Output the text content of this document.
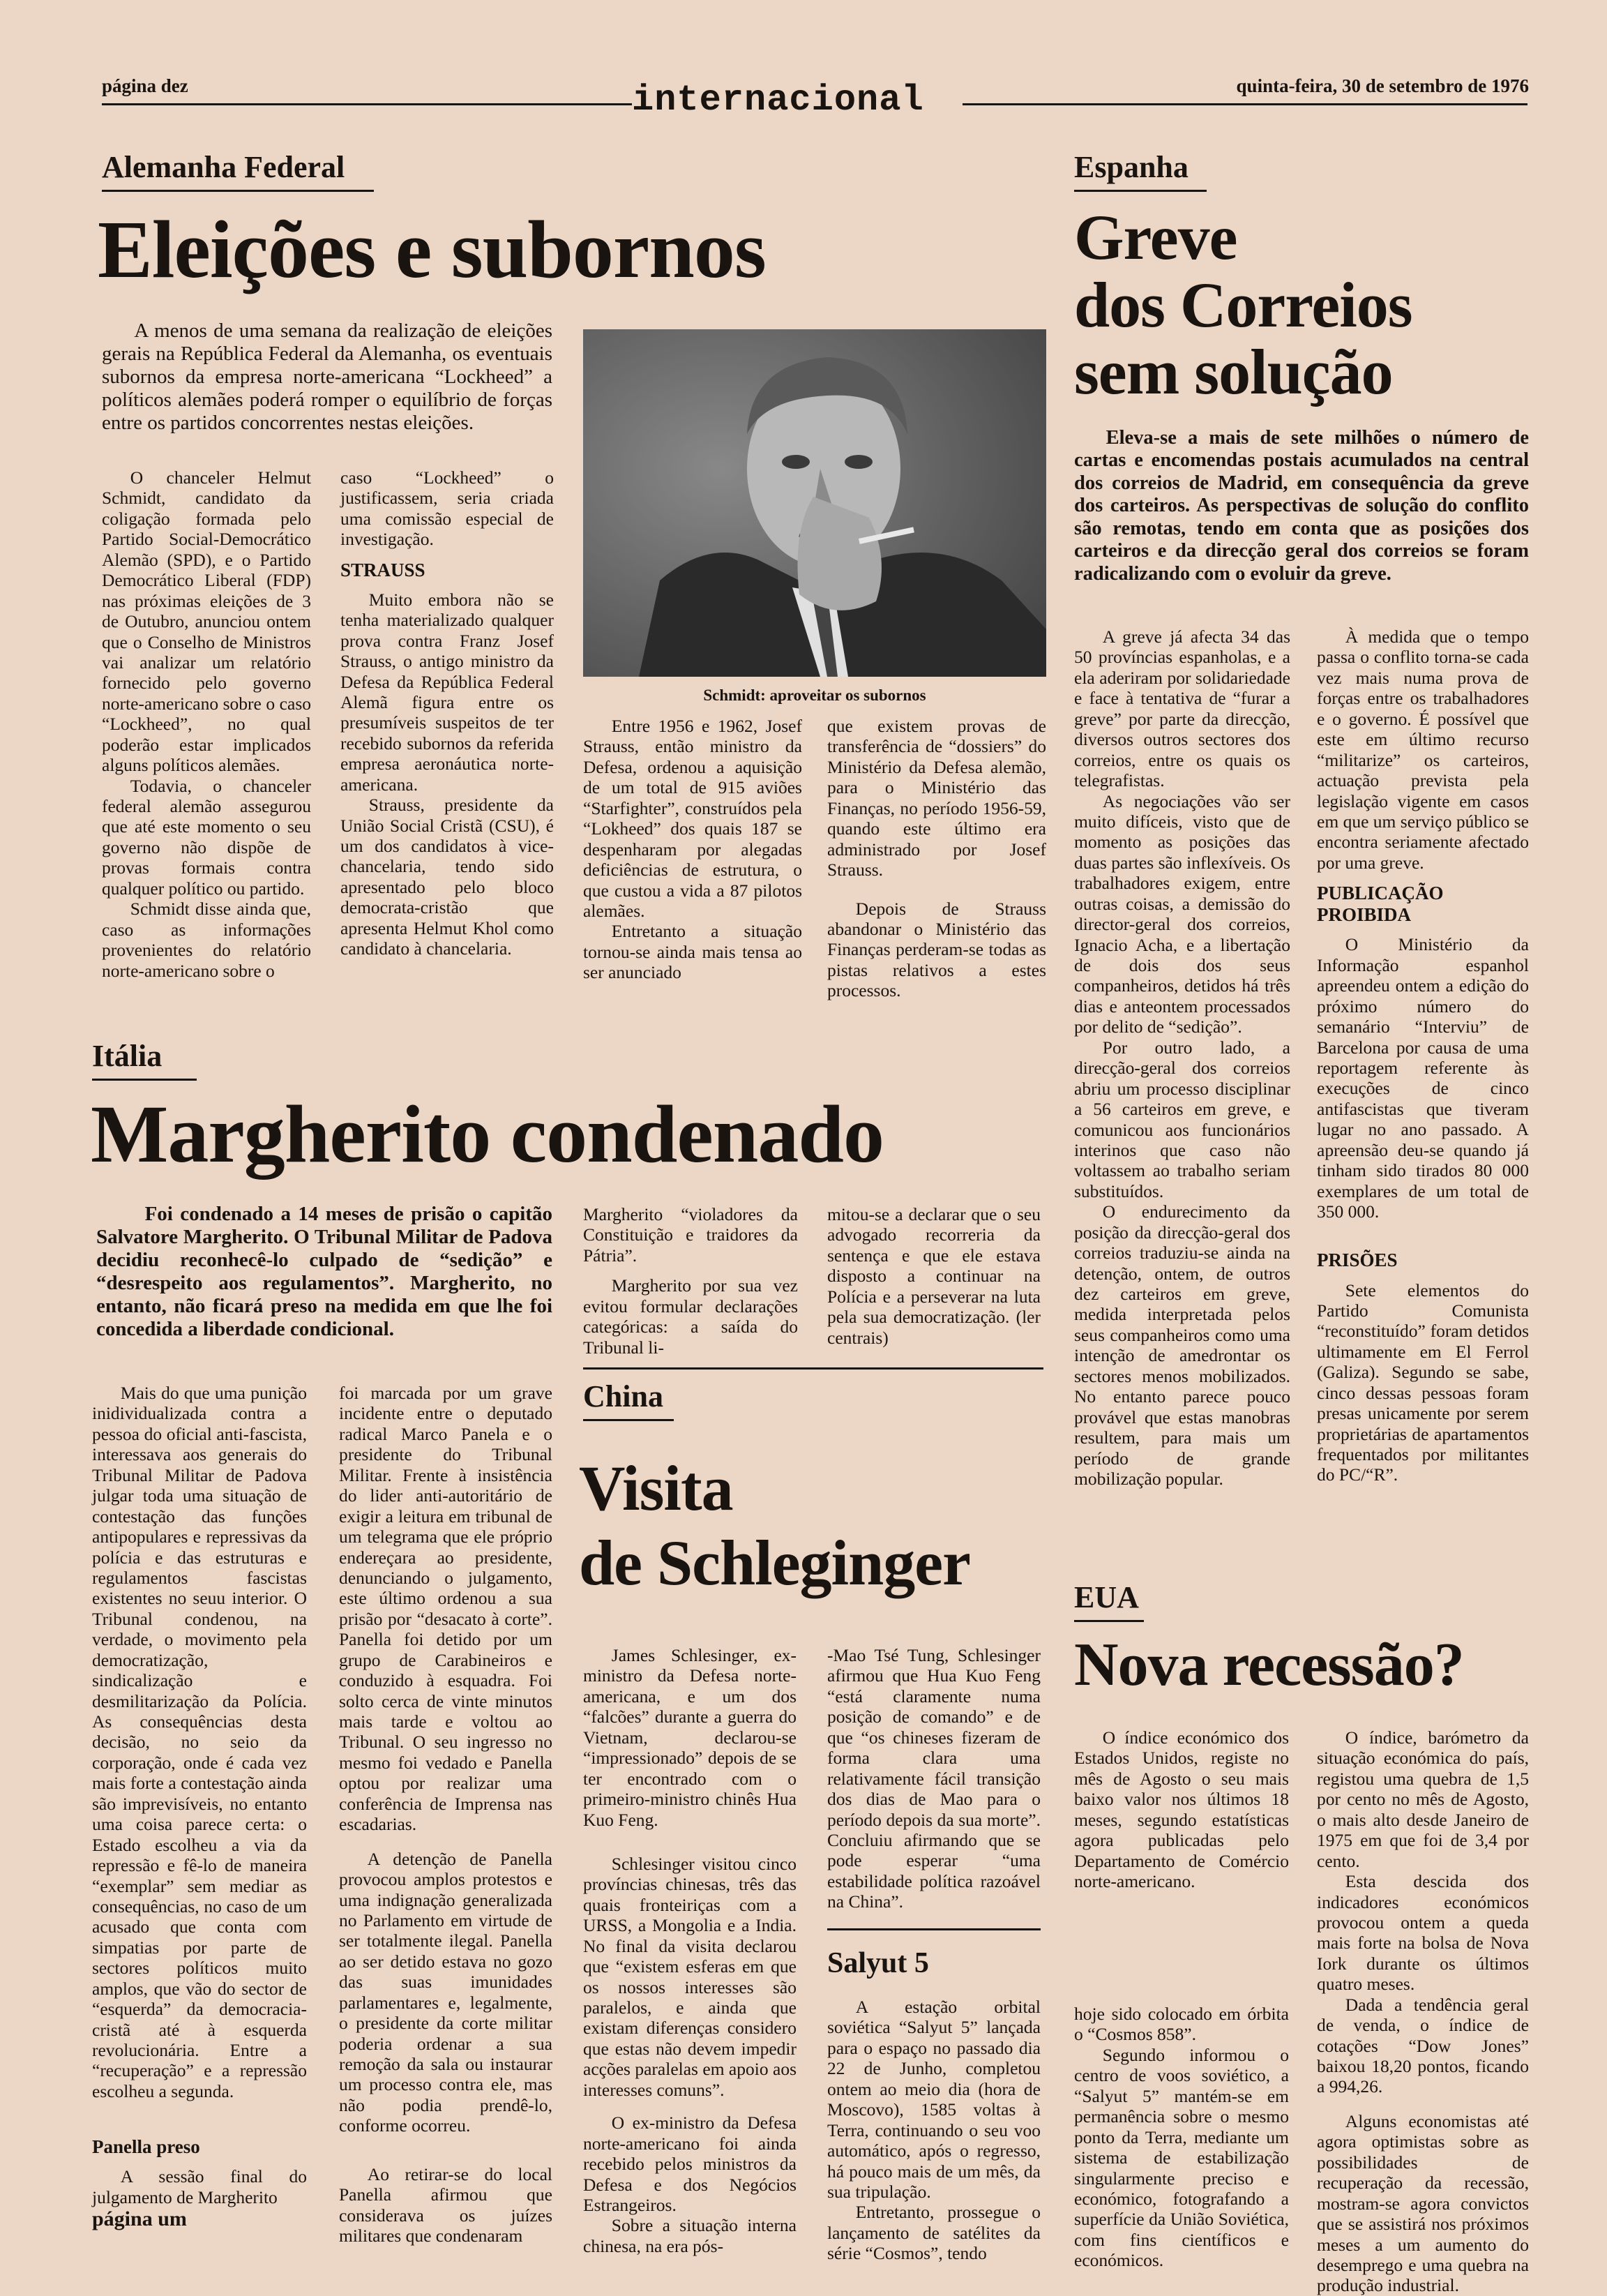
página dez	internacional	quinta-feira, 30 de setembro de 1976
Alemanha Federal
Eleições e subornos
A menos de uma semana da realização de eleições gerais na República Federal da Alemanha, os eventuais subornos da empresa norte-americana “Lockheed” a políticos alemães poderá romper o equilíbrio de forças entre os partidos concorrentes nestas eleições.

O chanceler Helmut Schmidt, candidato da coligação formada pelo Partido Social-Democrático Alemão (SPD), e o Partido Democrático Liberal (FDP) nas próximas eleições de 3 de Outubro, anunciou ontem que o Conselho de Ministros vai analizar um relatório fornecido pelo governo norte-americano sobre o caso “Lockheed”, no qual poderão estar implicados alguns políticos alemães.

Todavia, o chanceler federal alemão assegurou que até este momento o seu governo não dispõe de provas formais contra qualquer político ou partido.

Schmidt disse ainda que, caso as informações provenientes do relatório norte-americano sobre o

caso “Lockheed” o justificassem, seria criada uma comissão especial de investigação.

STRAUSS

Muito embora não se tenha materializado qualquer prova contra Franz Josef Strauss, o antigo ministro da Defesa da República Federal Alemã figura entre os presumíveis suspeitos de ter recebido subornos da referida empresa aeronáutica norte-americana.

Strauss, presidente da União Social Cristã (CSU), é um dos candidatos à vice-chancelaria, tendo sido apresentado pelo bloco democrata-cristão que apresenta Helmut Khol como candidato à chancelaria.

Schmidt: aproveitar os subornos

Entre 1956 e 1962, Josef Strauss, então ministro da Defesa, ordenou a aquisição de um total de 915 aviões “Starfighter”, construídos pela “Lokheed” dos quais 187 se despenharam por alegadas deficiências de estrutura, o que custou a vida a 87 pilotos alemães.

Entretanto a situação tornou-se ainda mais tensa ao ser anunciado

que existem provas de transferência de “dossiers” do Ministério da Defesa alemão, para o Ministério das Finanças, no período 1956-59, quando este último era administrado por Josef Strauss.

Depois de Strauss abandonar o Ministério das Finanças perderam-se todas as pistas relativos a estes processos.

Espanha
Greve
dos Correios
sem solução
Eleva-se a mais de sete milhões o número de cartas e encomendas postais acumulados na central dos correios de Madrid, em consequência da greve dos carteiros. As perspectivas de solução do conflito são remotas, tendo em conta que as posições dos carteiros e da direcção geral dos correios se foram radicalizando com o evoluir da greve.

A greve já afecta 34 das 50 províncias espanholas, e a ela aderiram por solidariedade e face à tentativa de “furar a greve” por parte da direcção, diversos outros sectores dos correios, entre os quais os telegrafistas.

As negociações vão ser muito difíceis, visto que de momento as posições das duas partes são inflexíveis. Os trabalhadores exigem, entre outras coisas, a demissão do director-geral dos correios, Ignacio Acha, e a libertação de dois dos seus companheiros, detidos há três dias e anteontem processados por delito de “sedição”.

Por outro lado, a direcção-geral dos correios abriu um processo disciplinar a 56 carteiros em greve, e comunicou aos funcionários interinos que caso não voltassem ao trabalho seriam substituídos.

O endurecimento da posição da direcção-geral dos correios traduziu-se ainda na detenção, ontem, de outros dez carteiros em greve, medida interpretada pelos seus companheiros como uma intenção de amedrontar os sectores menos mobilizados. No entanto parece pouco provável que estas manobras resultem, para mais um período de grande mobilização popular.

À medida que o tempo passa o conflito torna-se cada vez mais numa prova de forças entre os trabalhadores e o governo. É possível que este em último recurso “militarize” os carteiros, actuação prevista pela legislação vigente em casos em que um serviço público se encontra seriamente afectado por uma greve.

PUBLICAÇÃO PROIBIDA

O Ministério da Informação espanhol apreendeu ontem a edição do próximo número do semanário “Interviu” de Barcelona por causa de uma reportagem referente às execuções de cinco antifascistas que tiveram lugar no ano passado. A apreensão deu-se quando já tinham sido tirados 80 000 exemplares de um total de 350 000.

PRISÕES

Sete elementos do Partido Comunista “reconstituído” foram detidos ultimamente em El Ferrol (Galiza). Segundo se sabe, cinco dessas pessoas foram presas unicamente por serem proprietárias de apartamentos frequentados por militantes do PC/“R”.

Itália
Margherito condenado
Foi condenado a 14 meses de prisão o capitão Salvatore Margherito. O Tribunal Militar de Padova decidiu reconhecê-lo culpado de “sedição” e “desrespeito aos regulamentos”. Margherito, no entanto, não ficará preso na medida em que lhe foi concedida a liberdade condicional.

Margherito “violadores da Constituição e traidores da Pátria”.

Margherito por sua vez evitou formular declarações categóricas: a saída do Tribunal li-

mitou-se a declarar que o seu advogado recorreria da sentença e que ele estava disposto a continuar na Polícia e a perseverar na luta pela sua democratização. (ler centrais)

Mais do que uma punição inidividualizada contra a pessoa do oficial anti-fascista, interessava aos generais do Tribunal Militar de Padova julgar toda uma situação de contestação das funções antipopulares e repressivas da polícia e das estruturas e regulamentos fascistas existentes no seuu interior. O Tribunal condenou, na verdade, o movimento pela democratização, sindicalização e desmilitarização da Polícia. As consequências desta decisão, no seio da corporação, onde é cada vez mais forte a contestação ainda são imprevisíveis, no entanto uma coisa parece certa: o Estado escolheu a via da repressão e fê-lo de maneira “exemplar” sem mediar as consequências, no caso de um acusado que conta com simpatias por parte de sectores políticos muito amplos, que vão do sector de “esquerda” da democracia-cristã até à esquerda revolucionária. Entre a “recuperação” e a repressão escolheu a segunda.

Panella preso

A sessão final do julgamento de Margherito

página um

foi marcada por um grave incidente entre o deputado radical Marco Panela e o presidente do Tribunal Militar. Frente à insistência do lider anti-autoritário de exigir a leitura em tribunal de um telegrama que ele próprio endereçara ao presidente, denunciando o julgamento, este último ordenou a sua prisão por “desacato à corte”. Panella foi detido por um grupo de Carabineiros e conduzido à esquadra. Foi solto cerca de vinte minutos mais tarde e voltou ao Tribunal. O seu ingresso no mesmo foi vedado e Panella optou por realizar uma conferência de Imprensa nas escadarias.

A detenção de Panella provocou amplos protestos e uma indignação generalizada no Parlamento em virtude de ser totalmente ilegal. Panella ao ser detido estava no gozo das suas imunidades parlamentares e, legalmente, o presidente da corte militar poderia ordenar a sua remoção da sala ou instaurar um processo contra ele, mas não podia prendê-lo, conforme ocorreu.

Ao retirar-se do local Panella afirmou que considerava os juízes militares que condenaram

China
Visita
de Schleginger

James Schlesinger, ex-ministro da Defesa norte-americana, e um dos “falcões” durante a guerra do Vietnam, declarou-se “impressionado” depois de se ter encontrado com o primeiro-ministro chinês Hua Kuo Feng.

Schlesinger visitou cinco províncias chinesas, três das quais fronteiriças com a URSS, a Mongolia e a India. No final da visita declarou que “existem esferas em que os nossos interesses são paralelos, e ainda que existam diferenças considero que estas não devem impedir acções paralelas em apoio aos interesses comuns”.

O ex-ministro da Defesa norte-americano foi ainda recebido pelos ministros da Defesa e dos Negócios Estrangeiros.

Sobre a situação interna chinesa, na era pós-

-Mao Tsé Tung, Schlesinger afirmou que Hua Kuo Feng “está claramente numa posição de comando” e de que “os chineses fizeram de forma clara uma relativamente fácil transição dos dias de Mao para o período depois da sua morte”. Concluiu afirmando que se pode esperar “uma estabilidade política razoável na China”.

Salyut 5

A estação orbital soviética “Salyut 5” lançada para o espaço no passado dia 22 de Junho, completou ontem ao meio dia (hora de Moscovo), 1585 voltas à Terra, continuando o seu voo automático, após o regresso, há pouco mais de um mês, da sua tripulação.

Entretanto, prossegue o lançamento de satélites da série “Cosmos”, tendo

hoje sido colocado em órbita o “Cosmos 858”.

Segundo informou o centro de voos soviético, a “Salyut 5” mantém-se em permanência sobre o mesmo ponto da Terra, mediante um sistema de estabilização singularmente preciso e económico, fotografando a superfície da União Soviética, com fins científicos e económicos.

EUA
Nova recessão?

O índice económico dos Estados Unidos, registe no mês de Agosto o seu mais baixo valor nos últimos 18 meses, segundo estatísticas agora publicadas pelo Departamento de Comércio norte-americano.

O índice, barómetro da situação económica do país, registou uma quebra de 1,5 por cento no mês de Agosto, o mais alto desde Janeiro de 1975 em que foi de 3,4 por cento.

Esta descida dos indicadores económicos provocou ontem a queda mais forte na bolsa de Nova Iork durante os últimos quatro meses.

Dada a tendência geral de venda, o índice de cotações “Dow Jones” baixou 18,20 pontos, ficando a 994,26.

Alguns economistas até agora optimistas sobre as possibilidades de recuperação da recessão, mostram-se agora convictos que se assistirá nos próximos meses a um aumento do desemprego e uma quebra na produção industrial.
